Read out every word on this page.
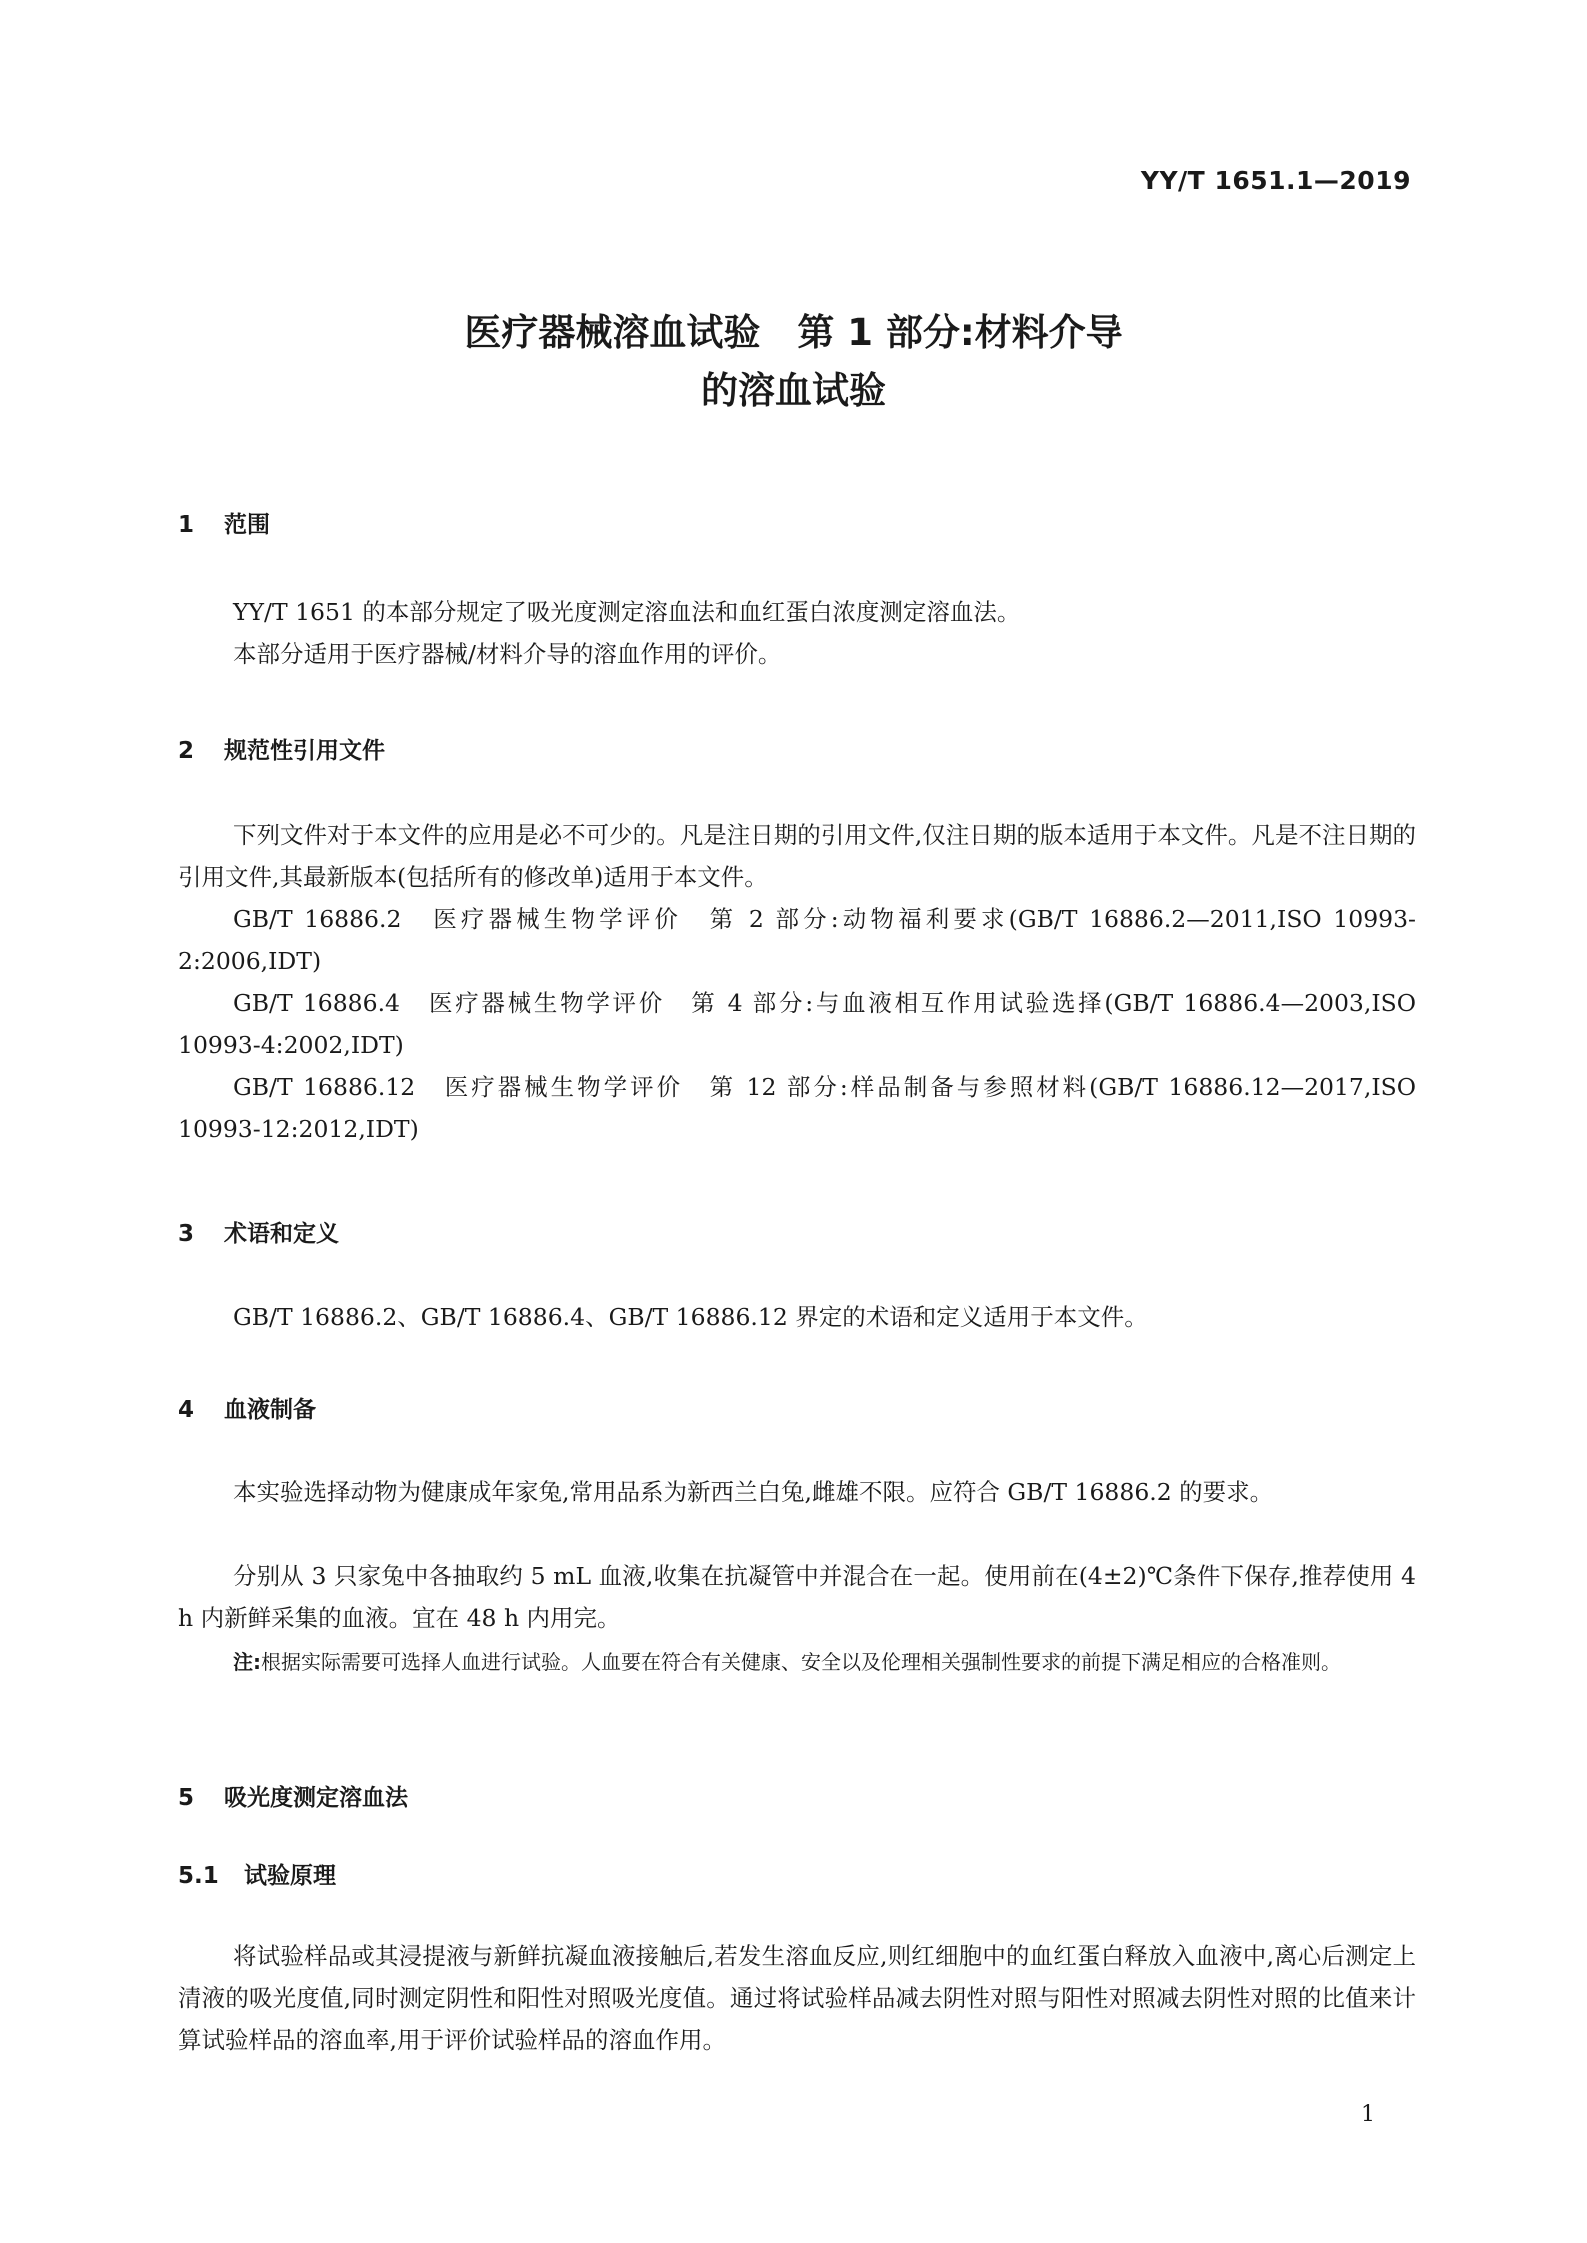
YY/T 1651.1—2019
医疗器械溶血试验　第 1 部分:材料介导
的溶血试验
1 范围
YY/T 1651 的本部分规定了吸光度测定溶血法和血红蛋白浓度测定溶血法。
本部分适用于医疗器械/材料介导的溶血作用的评价。
2 规范性引用文件
下列文件对于本文件的应用是必不可少的。凡是注日期的引用文件,仅注日期的版本适用于本文件。凡是不注日期的引用文件,其最新版本(包括所有的修改单)适用于本文件。
GB/T 16886.2　医疗器械生物学评价　第 2 部分:动物福利要求(GB/T 16886.2—2011,ISO 10993-2:2006,IDT)
GB/T 16886.4　医疗器械生物学评价　第 4 部分:与血液相互作用试验选择(GB/T 16886.4—2003,ISO 10993-4:2002,IDT)
GB/T 16886.12　医疗器械生物学评价　第 12 部分:样品制备与参照材料(GB/T 16886.12—2017,ISO 10993-12:2012,IDT)
3 术语和定义
GB/T 16886.2、GB/T 16886.4、GB/T 16886.12 界定的术语和定义适用于本文件。
4 血液制备
本实验选择动物为健康成年家兔,常用品系为新西兰白兔,雌雄不限。应符合 GB/T 16886.2 的要求。
分别从 3 只家兔中各抽取约 5 mL 血液,收集在抗凝管中并混合在一起。使用前在(4±2)℃条件下保存,推荐使用 4 h 内新鲜采集的血液。宜在 48 h 内用完。
注:根据实际需要可选择人血进行试验。人血要在符合有关健康、安全以及伦理相关强制性要求的前提下满足相应的合格准则。
5 吸光度测定溶血法
5.1 试验原理
将试验样品或其浸提液与新鲜抗凝血液接触后,若发生溶血反应,则红细胞中的血红蛋白释放入血液中,离心后测定上清液的吸光度值,同时测定阴性和阳性对照吸光度值。通过将试验样品减去阴性对照与阳性对照减去阴性对照的比值来计算试验样品的溶血率,用于评价试验样品的溶血作用。
1
